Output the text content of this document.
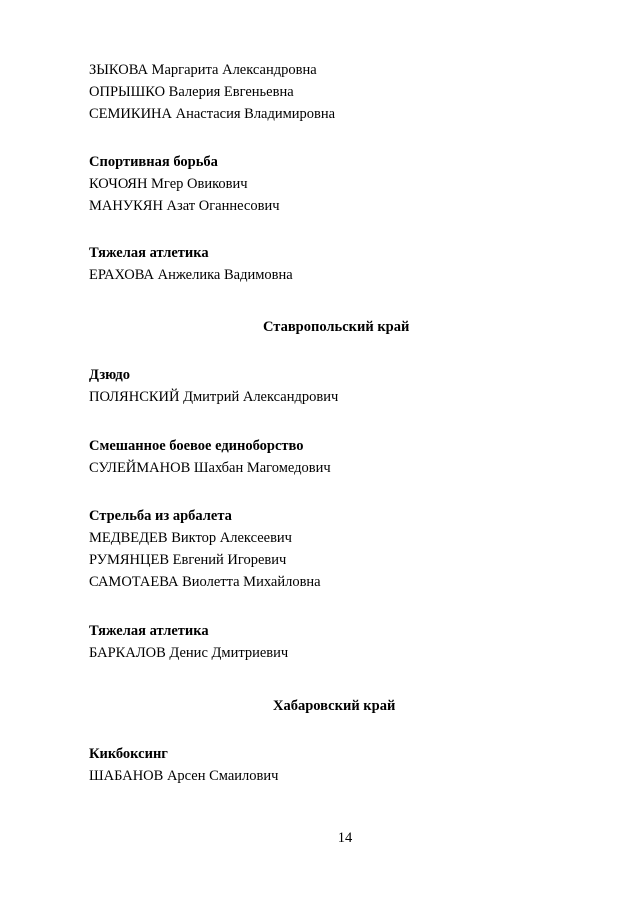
ЗЫКОВА Маргарита Александровна
ОПРЫШКО Валерия Евгеньевна
СЕМИКИНА Анастасия Владимировна
Спортивная борьба
КОЧОЯН Мгер Овикович
МАНУКЯН Азат Оганнесович
Тяжелая атлетика
ЕРАХОВА Анжелика Вадимовна
Ставропольский край
Дзюдо
ПОЛЯНСКИЙ Дмитрий Александрович
Смешанное боевое единоборство
СУЛЕЙМАНОВ Шахбан Магомедович
Стрельба из арбалета
МЕДВЕДЕВ Виктор Алексеевич
РУМЯНЦЕВ Евгений Игоревич
САМОТАЕВА Виолетта Михайловна
Тяжелая атлетика
БАРКАЛОВ Денис Дмитриевич
Хабаровский край
Кикбоксинг
ШАБАНОВ Арсен Смаилович
14
